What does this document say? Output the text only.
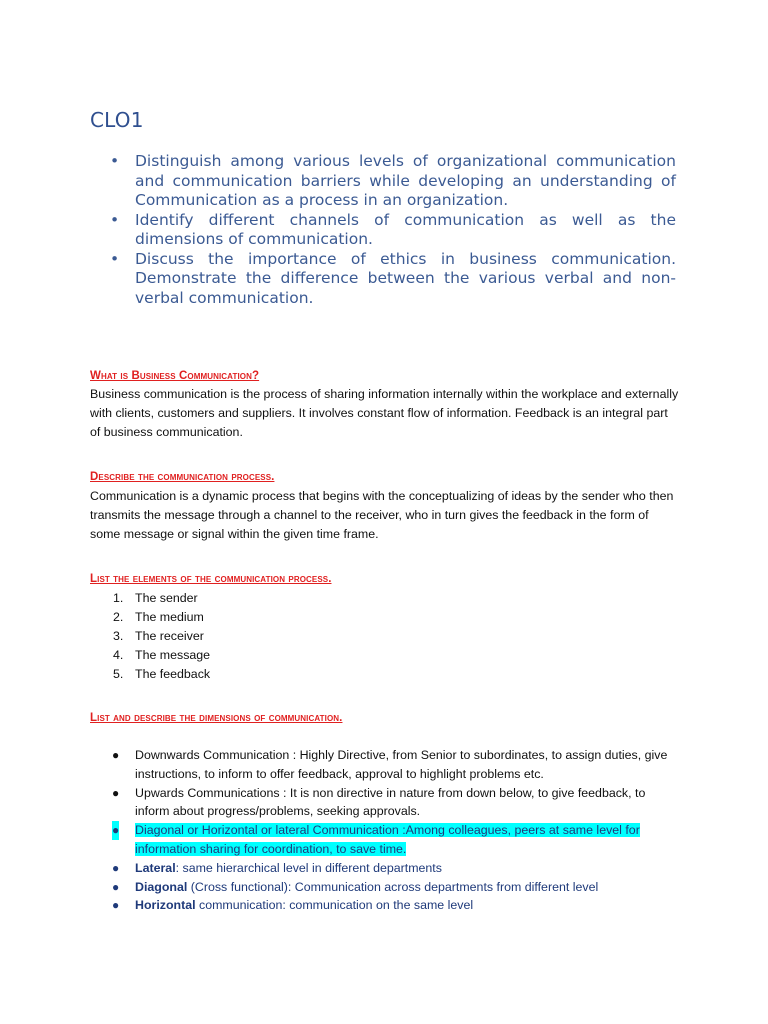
CLO1
• Distinguish among various levels of organizational communication and communication barriers while developing an understanding of Communication as a process in an organization.
• Identify different channels of communication as well as the dimensions of communication.
• Discuss the importance of ethics in business communication. Demonstrate the difference between the various verbal and non-verbal communication.
What is Business Communication?
Business communication is the process of sharing information internally within the workplace and externally with clients, customers and suppliers. It involves constant flow of information. Feedback is an integral part of business communication.
Describe the communication process.
Communication is a dynamic process that begins with the conceptualizing of ideas by the sender who then transmits the message through a channel to the receiver, who in turn gives the feedback in the form of some message or signal within the given time frame.
List the elements of the communication process.
1. The sender
2. The medium
3. The receiver
4. The message
5. The feedback
List and describe the dimensions of communication.
● Downwards Communication : Highly Directive, from Senior to subordinates, to assign duties, give instructions, to inform to offer feedback, approval to highlight problems etc.
● Upwards Communications : It is non directive in nature from down below, to give feedback, to inform about progress/problems, seeking approvals.
● Diagonal or Horizontal or lateral Communication :Among colleagues, peers at same level for information sharing for coordination, to save time.
● Lateral: same hierarchical level in different departments
● Diagonal (Cross functional): Communication across departments from different level
● Horizontal communication: communication on the same level
